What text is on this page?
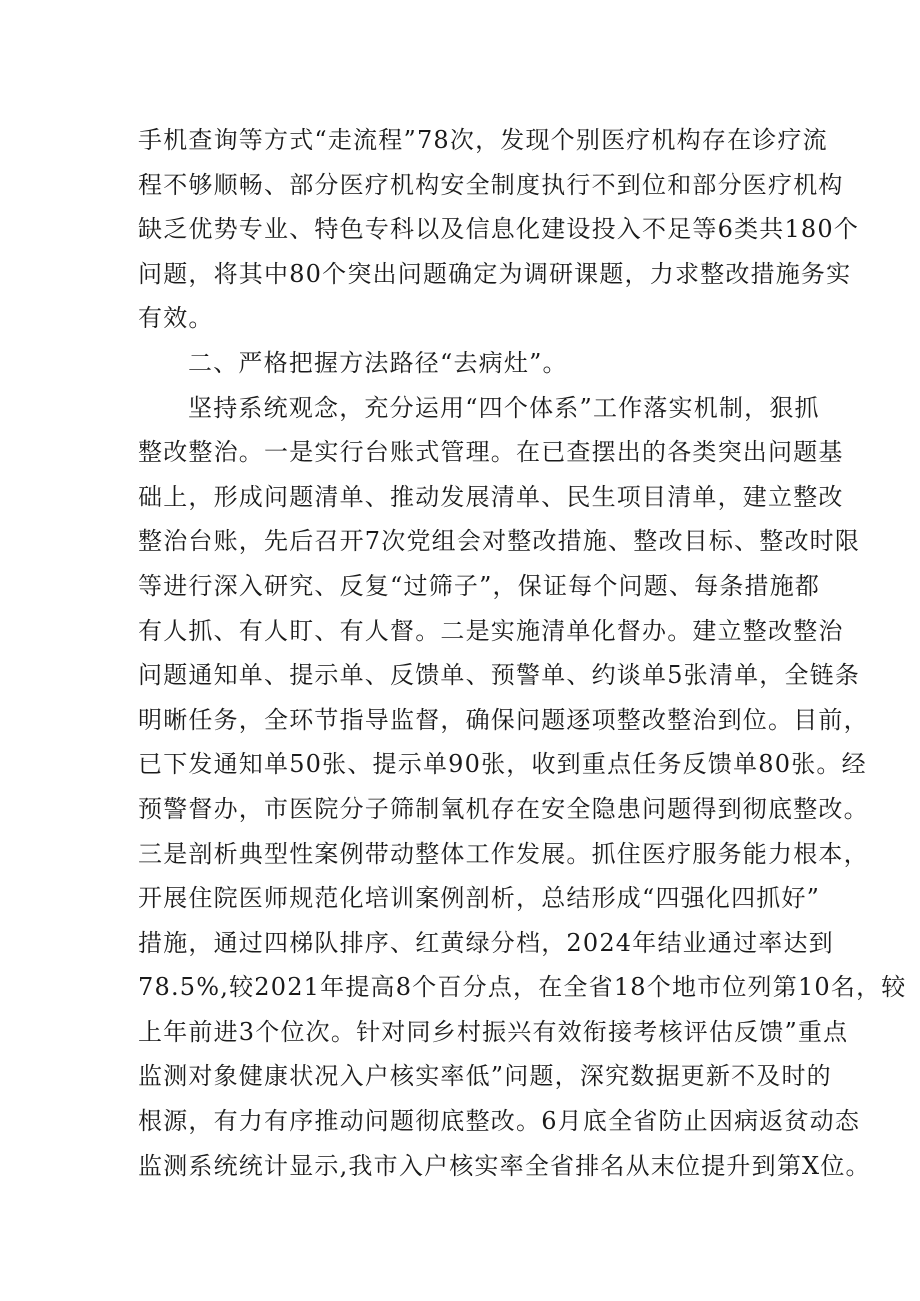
手机查询等方式“走流程”78次，发现个别医疗机构存在诊疗流
程不够顺畅、部分医疗机构安全制度执行不到位和部分医疗机构
缺乏优势专业、特色专科以及信息化建设投入不足等6类共180个
问题，将其中80个突出问题确定为调研课题，力求整改措施务实
有效。
二、严格把握方法路径“去病灶”。
坚持系统观念，充分运用“四个体系”工作落实机制，狠抓
整改整治。一是实行台账式管理。在已查摆出的各类突出问题基
础上，形成问题清单、推动发展清单、民生项目清单，建立整改
整治台账，先后召开7次党组会对整改措施、整改目标、整改时限
等进行深入研究、反复“过筛子”，保证每个问题、每条措施都
有人抓、有人盯、有人督。二是实施清单化督办。建立整改整治
问题通知单、提示单、反馈单、预警单、约谈单5张清单，全链条
明晰任务，全环节指导监督，确保问题逐项整改整治到位。目前，
已下发通知单50张、提示单90张，收到重点任务反馈单80张。经
预警督办，市医院分子筛制氧机存在安全隐患问题得到彻底整改。
三是剖析典型性案例带动整体工作发展。抓住医疗服务能力根本，
开展住院医师规范化培训案例剖析，总结形成“四强化四抓好”
措施，通过四梯队排序、红黄绿分档，2024年结业通过率达到
78.5%,较2021年提高8个百分点，在全省18个地市位列第10名，较
上年前进3个位次。针对同乡村振兴有效衔接考核评估反馈”重点
监测对象健康状况入户核实率低”问题，深究数据更新不及时的
根源，有力有序推动问题彻底整改。6月底全省防止因病返贫动态
监测系统统计显示,我市入户核实率全省排名从末位提升到第X位。
